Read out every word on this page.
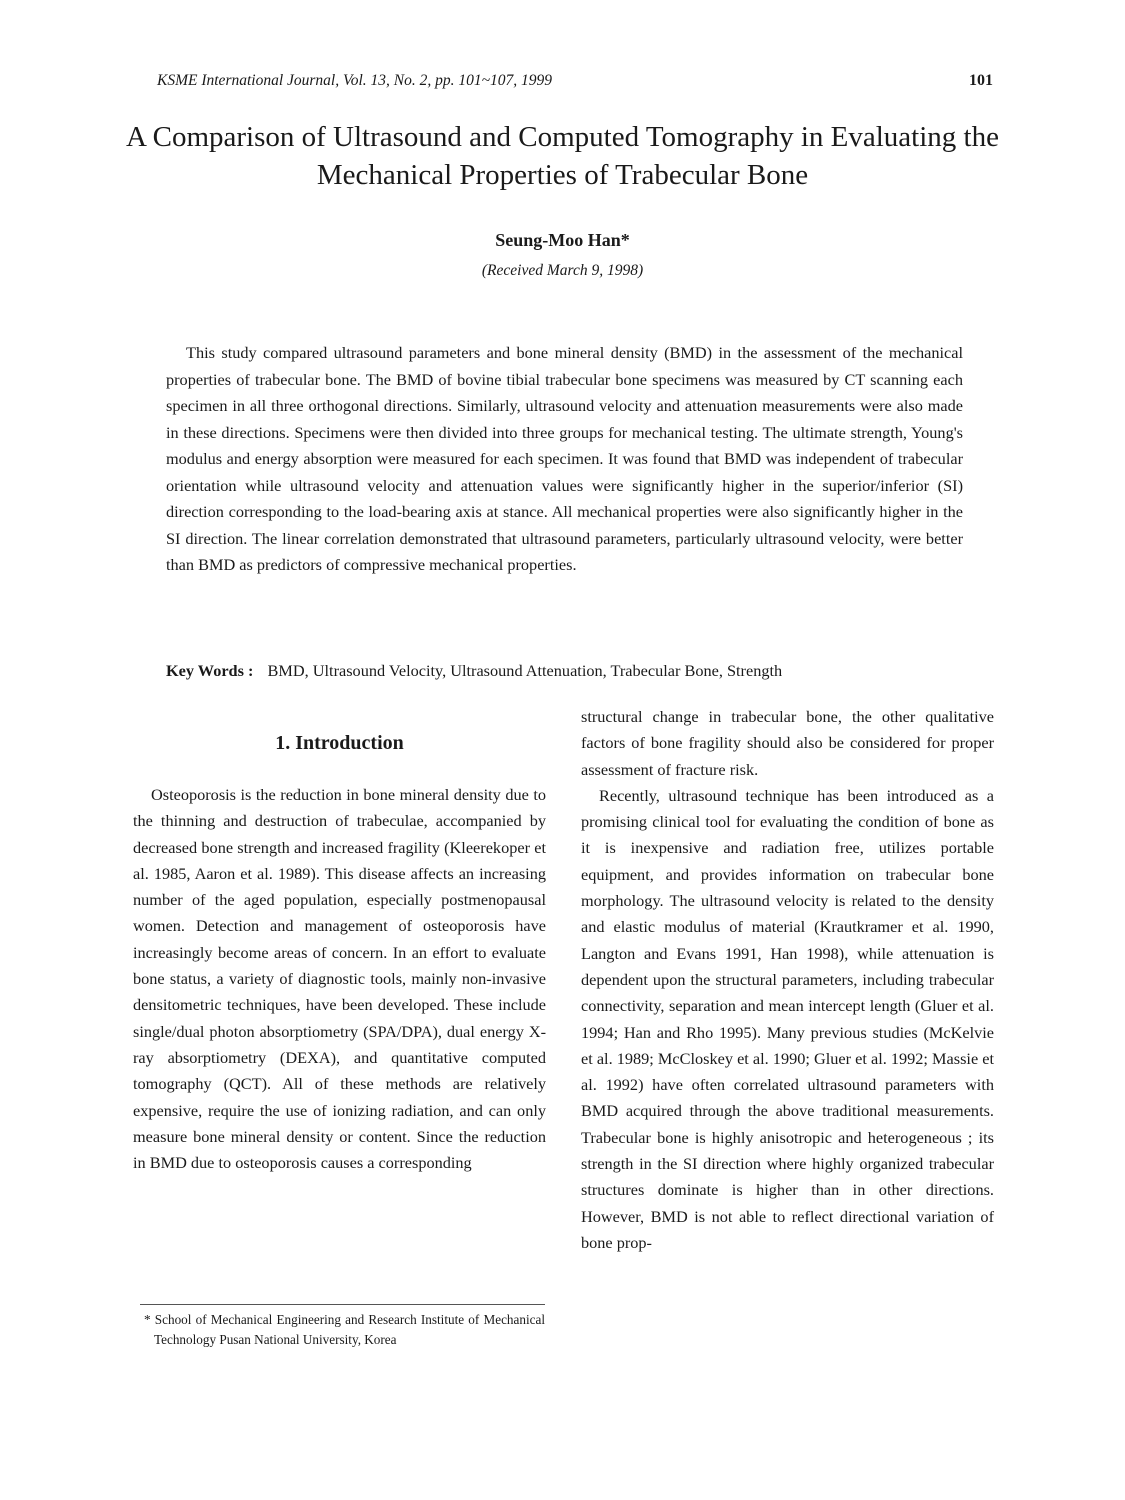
KSME International Journal, Vol. 13, No. 2, pp. 101~107, 1999	101
A Comparison of Ultrasound and Computed Tomography in Evaluating the Mechanical Properties of Trabecular Bone
Seung-Moo Han*
(Received March 9, 1998)
This study compared ultrasound parameters and bone mineral density (BMD) in the assessment of the mechanical properties of trabecular bone. The BMD of bovine tibial trabecular bone specimens was measured by CT scanning each specimen in all three orthogonal directions. Similarly, ultrasound velocity and attenuation measurements were also made in these directions. Specimens were then divided into three groups for mechanical testing. The ultimate strength, Young's modulus and energy absorption were measured for each specimen. It was found that BMD was independent of trabecular orientation while ultrasound velocity and attenuation values were significantly higher in the superior/inferior (SI) direction corresponding to the load-bearing axis at stance. All mechanical properties were also significantly higher in the SI direction. The linear correlation demonstrated that ultrasound parameters, particularly ultrasound velocity, were better than BMD as predictors of compressive mechanical properties.
Key Words : BMD, Ultrasound Velocity, Ultrasound Attenuation, Trabecular Bone, Strength
1. Introduction

Osteoporosis is the reduction in bone mineral density due to the thinning and destruction of trabeculae, accompanied by decreased bone strength and increased fragility (Kleerekoper et al. 1985, Aaron et al. 1989). This disease affects an increasing number of the aged population, especially postmenopausal women. Detection and management of osteoporosis have increasingly become areas of concern. In an effort to evaluate bone status, a variety of diagnostic tools, mainly non-invasive densitometric techniques, have been developed. These include single/dual photon absorptiometry (SPA/DPA), dual energy X-ray absorptiometry (DEXA), and quantitative computed tomography (QCT). All of these methods are relatively expensive, require the use of ionizing radiation, and can only measure bone mineral density or content. Since the reduction in BMD due to osteoporosis causes a corresponding

structural change in trabecular bone, the other qualitative factors of bone fragility should also be considered for proper assessment of fracture risk.

Recently, ultrasound technique has been introduced as a promising clinical tool for evaluating the condition of bone as it is inexpensive and radiation free, utilizes portable equipment, and provides information on trabecular bone morphology. The ultrasound velocity is related to the density and elastic modulus of material (Krautkramer et al. 1990, Langton and Evans 1991, Han 1998), while attenuation is dependent upon the structural parameters, including trabecular connectivity, separation and mean intercept length (Gluer et al. 1994; Han and Rho 1995). Many previous studies (McKelvie et al. 1989; McCloskey et al. 1990; Gluer et al. 1992; Massie et al. 1992) have often correlated ultrasound parameters with BMD acquired through the above traditional measurements. Trabecular bone is highly anisotropic and heterogeneous ; its strength in the SI direction where highly organized trabecular structures dominate is higher than in other directions. However, BMD is not able to reflect directional variation of bone prop-

* School of Mechanical Engineering and Research Institute of Mechanical Technology Pusan National University, Korea
